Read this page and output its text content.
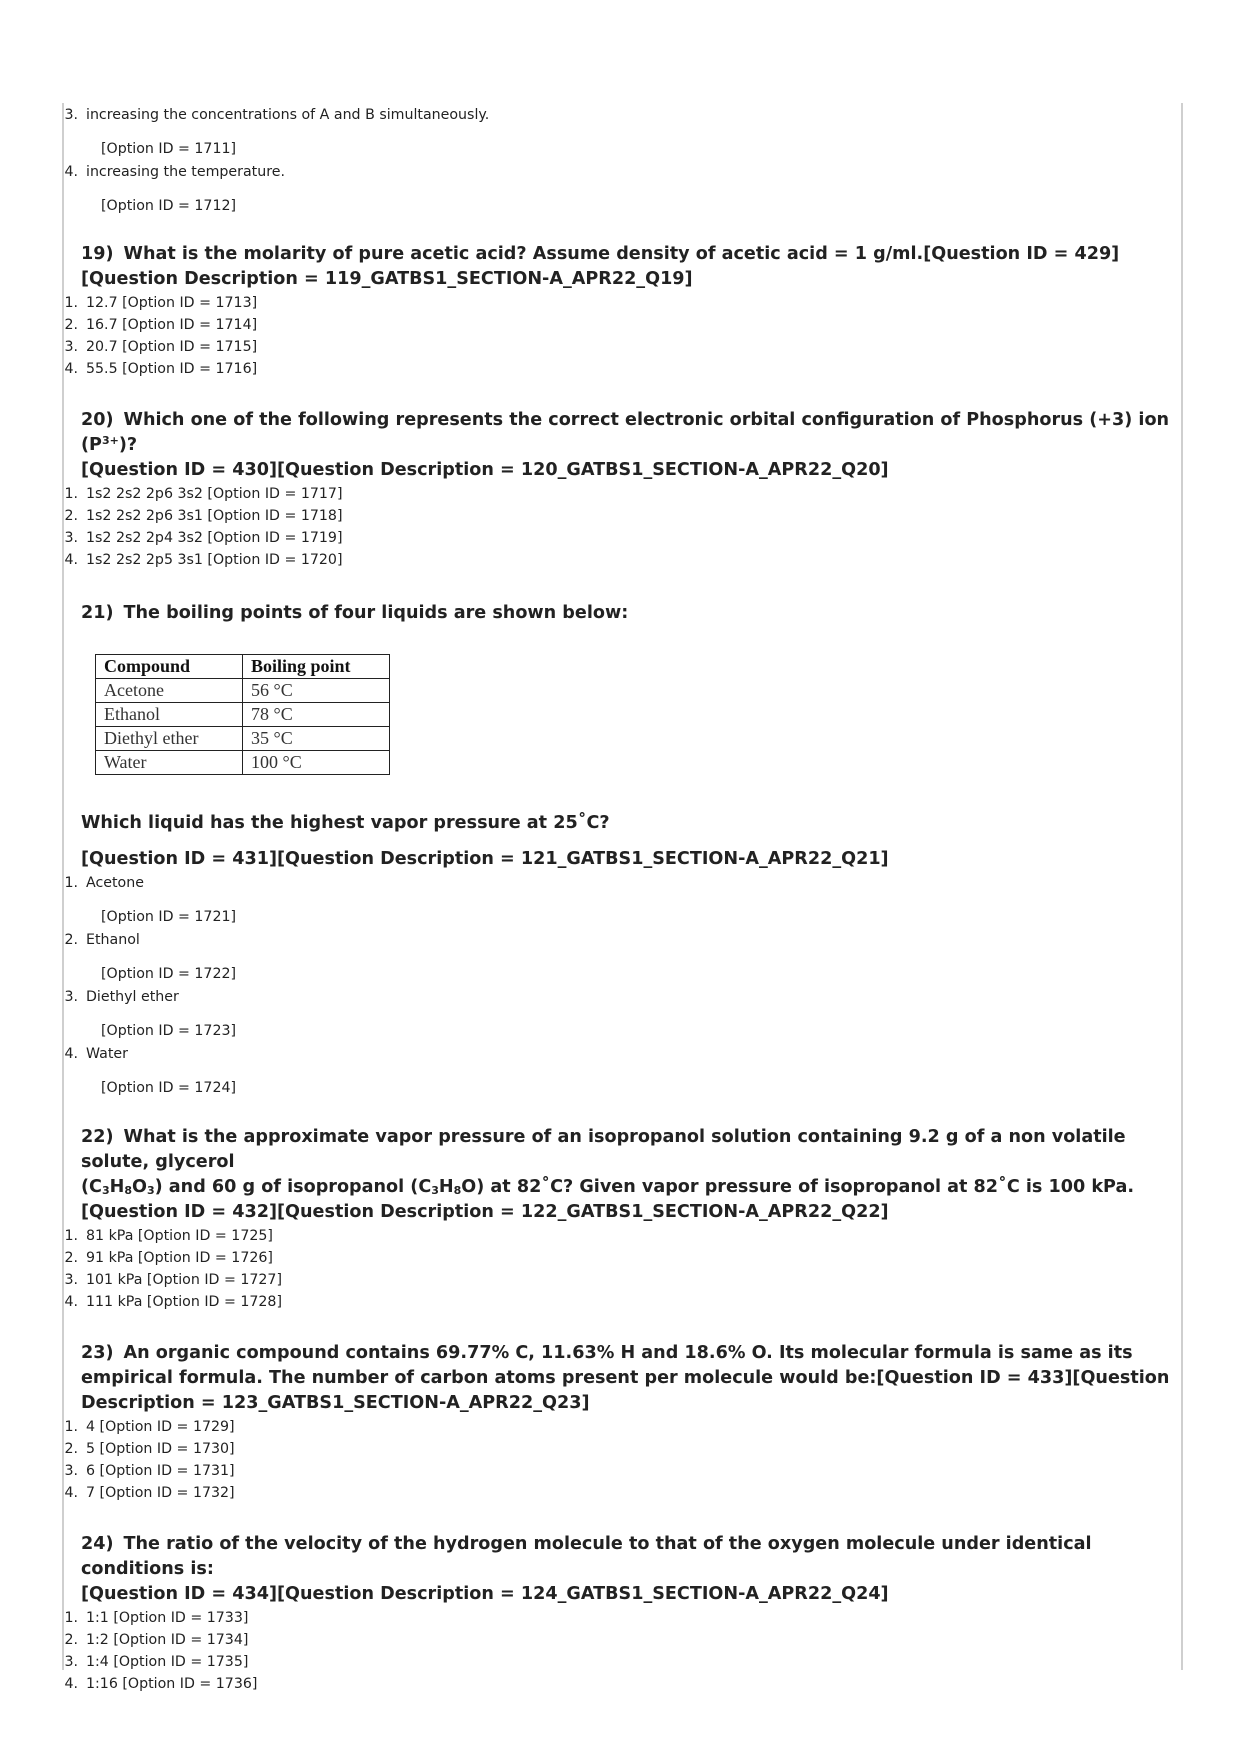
3. increasing the concentrations of A and B simultaneously.
[Option ID = 1711]
4. increasing the temperature.
[Option ID = 1712]
19) What is the molarity of pure acetic acid? Assume density of acetic acid = 1 g/ml.[Question ID = 429][Question Description = 119_GATBS1_SECTION-A_APR22_Q19]
1. 12.7 [Option ID = 1713]
2. 16.7 [Option ID = 1714]
3. 20.7 [Option ID = 1715]
4. 55.5 [Option ID = 1716]
20) Which one of the following represents the correct electronic orbital configuration of Phosphorus (+3) ion $(P^{3+})$?
[Question ID = 430][Question Description = 120_GATBS1_SECTION-A_APR22_Q20]
1. 1s2 2s2 2p6 3s2 [Option ID = 1717]
2. 1s2 2s2 2p6 3s1 [Option ID = 1718]
3. 1s2 2s2 2p4 3s2 [Option ID = 1719]
4. 1s2 2s2 2p5 3s1 [Option ID = 1720]
21) The boiling points of four liquids are shown below:
Compound	Boiling point
Acetone	56 °C
Ethanol	78 °C
Diethyl ether	35 °C
Water	100 °C
Which liquid has the highest vapor pressure at 25˚C?
[Question ID = 431][Question Description = 121_GATBS1_SECTION-A_APR22_Q21]
1. Acetone
[Option ID = 1721]
2. Ethanol
[Option ID = 1722]
3. Diethyl ether
[Option ID = 1723]
4. Water
[Option ID = 1724]
22) What is the approximate vapor pressure of an isopropanol solution containing 9.2 g of a non volatile solute, glycerol
$(C_3H_8O_3)$ and 60 g of isopropanol $(C_3H_8O)$ at 82˚C? Given vapor pressure of isopropanol at 82˚C is 100 kPa.[Question ID = 432][Question Description = 122_GATBS1_SECTION-A_APR22_Q22]
1. 81 kPa [Option ID = 1725]
2. 91 kPa [Option ID = 1726]
3. 101 kPa [Option ID = 1727]
4. 111 kPa [Option ID = 1728]
23) An organic compound contains 69.77% C, 11.63% H and 18.6% O. Its molecular formula is same as its empirical formula. The number of carbon atoms present per molecule would be:[Question ID = 433][Question Description = 123_GATBS1_SECTION-A_APR22_Q23]
1. 4 [Option ID = 1729]
2. 5 [Option ID = 1730]
3. 6 [Option ID = 1731]
4. 7 [Option ID = 1732]
24) The ratio of the velocity of the hydrogen molecule to that of the oxygen molecule under identical conditions is:
[Question ID = 434][Question Description = 124_GATBS1_SECTION-A_APR22_Q24]
1. 1:1 [Option ID = 1733]
2. 1:2 [Option ID = 1734]
3. 1:4 [Option ID = 1735]
4. 1:16 [Option ID = 1736]
